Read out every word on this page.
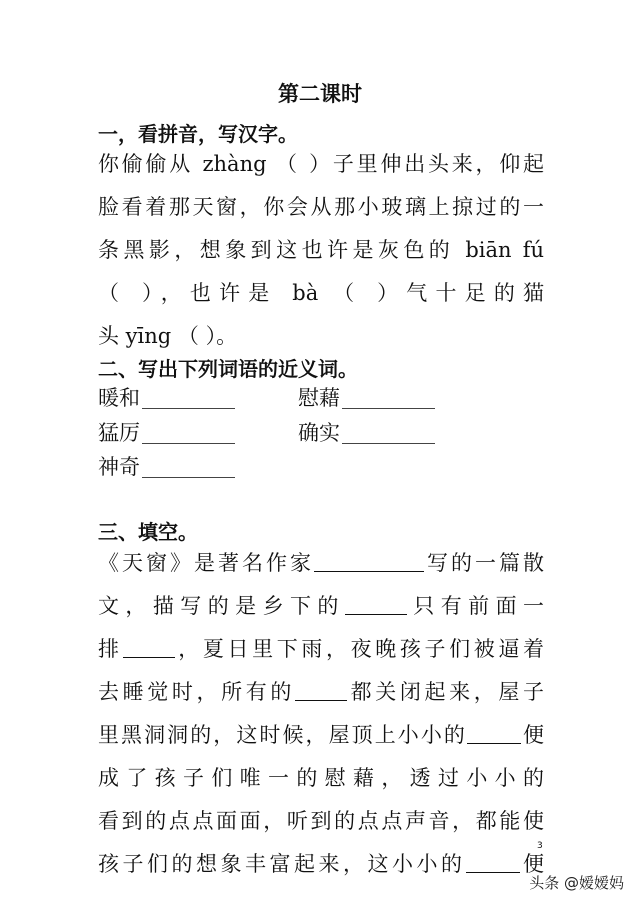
第二课时
一，看拼音，写汉字。
你偷偷从 zhàng （ ）子里伸出头来，仰起
脸看着那天窗，你会从那小玻璃上掠过的一
条黑影，想象到这也许是灰色的 biān fú
（ ），也许是 bà （ ）气十足的猫
头 yīng （ ）。
二、写出下列词语的近义词。
暖和	慰藉
猛厉	确实
神奇
三、填空。
《天窗》是著名作家	写的一篇散
文，描写的是乡下的	只有前面一
排 ，夏日里下雨，夜晚孩子们被逼着
去睡觉时，所有的 都关闭起来，屋子
里黑洞洞的，这时候，屋顶上小小的	便
成了孩子们唯一的慰藉，透过小小的
看到的点点面面，听到的点点声音，都能使
孩子们的想象丰富起来，这小小的	便
3
头条 @嫒嫒妈
